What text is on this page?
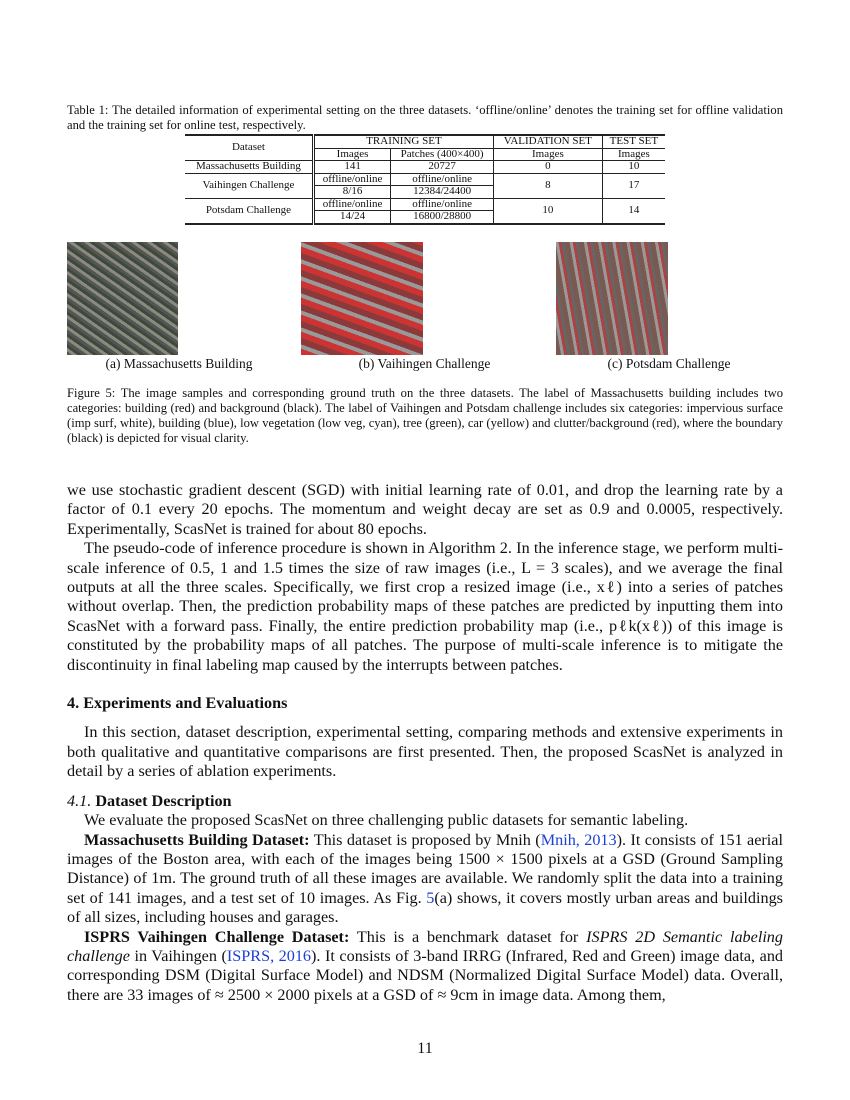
Table 1: The detailed information of experimental setting on the three datasets. ‘offline/online’ denotes the training set for offline validation and the training set for online test, respectively.
Dataset	TRAINING SET		VALIDATION SET	TEST SET
	Images	Patches (400×400)	Images	Images
Massachusetts Building	141	20727	0	10
Vaihingen Challenge	offline/online	offline/online	8	17
	8/16	12384/24400		
Potsdam Challenge	offline/online	offline/online	10	14
	14/24	16800/28800		
(a) Massachusetts Building	(b) Vaihingen Challenge	(c) Potsdam Challenge
Figure 5: The image samples and corresponding ground truth on the three datasets. The label of Massachusetts building includes two categories: building (red) and background (black). The label of Vaihingen and Potsdam challenge includes six categories: impervious surface (imp surf, white), building (blue), low vegetation (low veg, cyan), tree (green), car (yellow) and clutter/background (red), where the boundary (black) is depicted for visual clarity.

we use stochastic gradient descent (SGD) with initial learning rate of 0.01, and drop the learning rate by a factor of 0.1 every 20 epochs. The momentum and weight decay are set as 0.9 and 0.0005, respectively. Experimentally, ScasNet is trained for about 80 epochs.

The pseudo-code of inference procedure is shown in Algorithm 2. In the inference stage, we perform multi-scale inference of 0.5, 1 and 1.5 times the size of raw images (i.e., L = 3 scales), and we average the final outputs at all the three scales. Specifically, we first crop a resized image (i.e., xℓ) into a series of patches without overlap. Then, the prediction probability maps of these patches are predicted by inputting them into ScasNet with a forward pass. Finally, the entire prediction probability map (i.e., pℓk(xℓ)) of this image is constituted by the probability maps of all patches. The purpose of multi-scale inference is to mitigate the discontinuity in final labeling map caused by the interrupts between patches.

4. Experiments and Evaluations

In this section, dataset description, experimental setting, comparing methods and extensive experiments in both qualitative and quantitative comparisons are first presented. Then, the proposed ScasNet is analyzed in detail by a series of ablation experiments.

4.1. Dataset Description

We evaluate the proposed ScasNet on three challenging public datasets for semantic labeling.

Massachusetts Building Dataset: This dataset is proposed by Mnih (Mnih, 2013). It consists of 151 aerial images of the Boston area, with each of the images being 1500 × 1500 pixels at a GSD (Ground Sampling Distance) of 1m. The ground truth of all these images are available. We randomly split the data into a training set of 141 images, and a test set of 10 images. As Fig. 5(a) shows, it covers mostly urban areas and buildings of all sizes, including houses and garages.

ISPRS Vaihingen Challenge Dataset: This is a benchmark dataset for ISPRS 2D Semantic labeling challenge in Vaihingen (ISPRS, 2016). It consists of 3-band IRRG (Infrared, Red and Green) image data, and corresponding DSM (Digital Surface Model) and NDSM (Normalized Digital Surface Model) data. Overall, there are 33 images of ≈ 2500 × 2000 pixels at a GSD of ≈ 9cm in image data. Among them,

11
